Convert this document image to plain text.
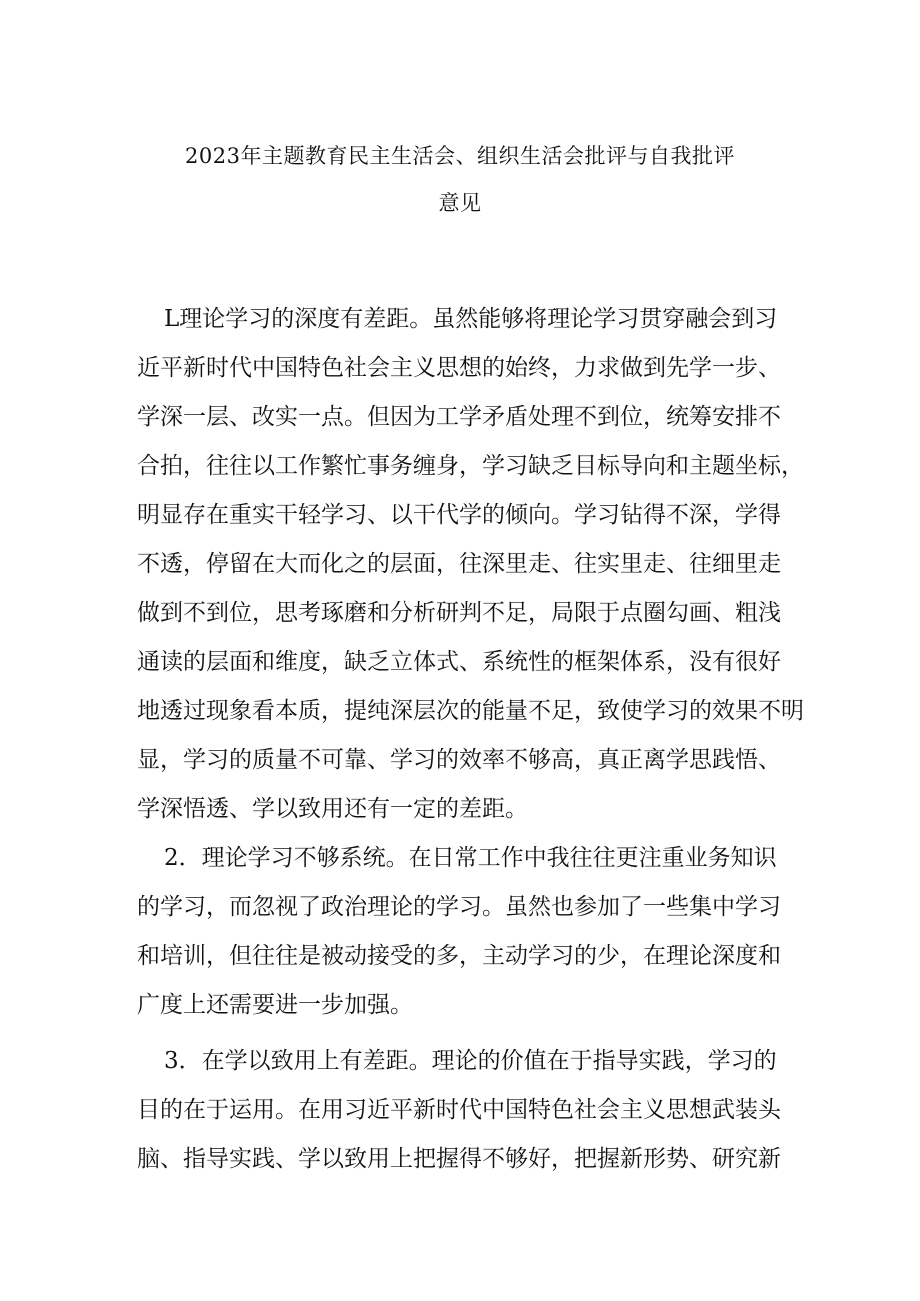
2023年主题教育民主生活会、组织生活会批评与自我批评
意见
L理论学习的深度有差距。虽然能够将理论学习贯穿融会到习
近平新时代中国特色社会主义思想的始终，力求做到先学一步、
学深一层、改实一点。但因为工学矛盾处理不到位，统筹安排不
合拍，往往以工作繁忙事务缠身，学习缺乏目标导向和主题坐标，
明显存在重实干轻学习、以干代学的倾向。学习钻得不深，学得
不透，停留在大而化之的层面，往深里走、往实里走、往细里走
做到不到位，思考琢磨和分析研判不足，局限于点圈勾画、粗浅
通读的层面和维度，缺乏立体式、系统性的框架体系，没有很好
地透过现象看本质，提纯深层次的能量不足，致使学习的效果不明
显，学习的质量不可靠、学习的效率不够高，真正离学思践悟、
学深悟透、学以致用还有一定的差距。
2．理论学习不够系统。在日常工作中我往往更注重业务知识
的学习，而忽视了政治理论的学习。虽然也参加了一些集中学习
和培训，但往往是被动接受的多，主动学习的少，在理论深度和
广度上还需要进一步加强。
3．在学以致用上有差距。理论的价值在于指导实践，学习的
目的在于运用。在用习近平新时代中国特色社会主义思想武装头
脑、指导实践、学以致用上把握得不够好，把握新形势、研究新
